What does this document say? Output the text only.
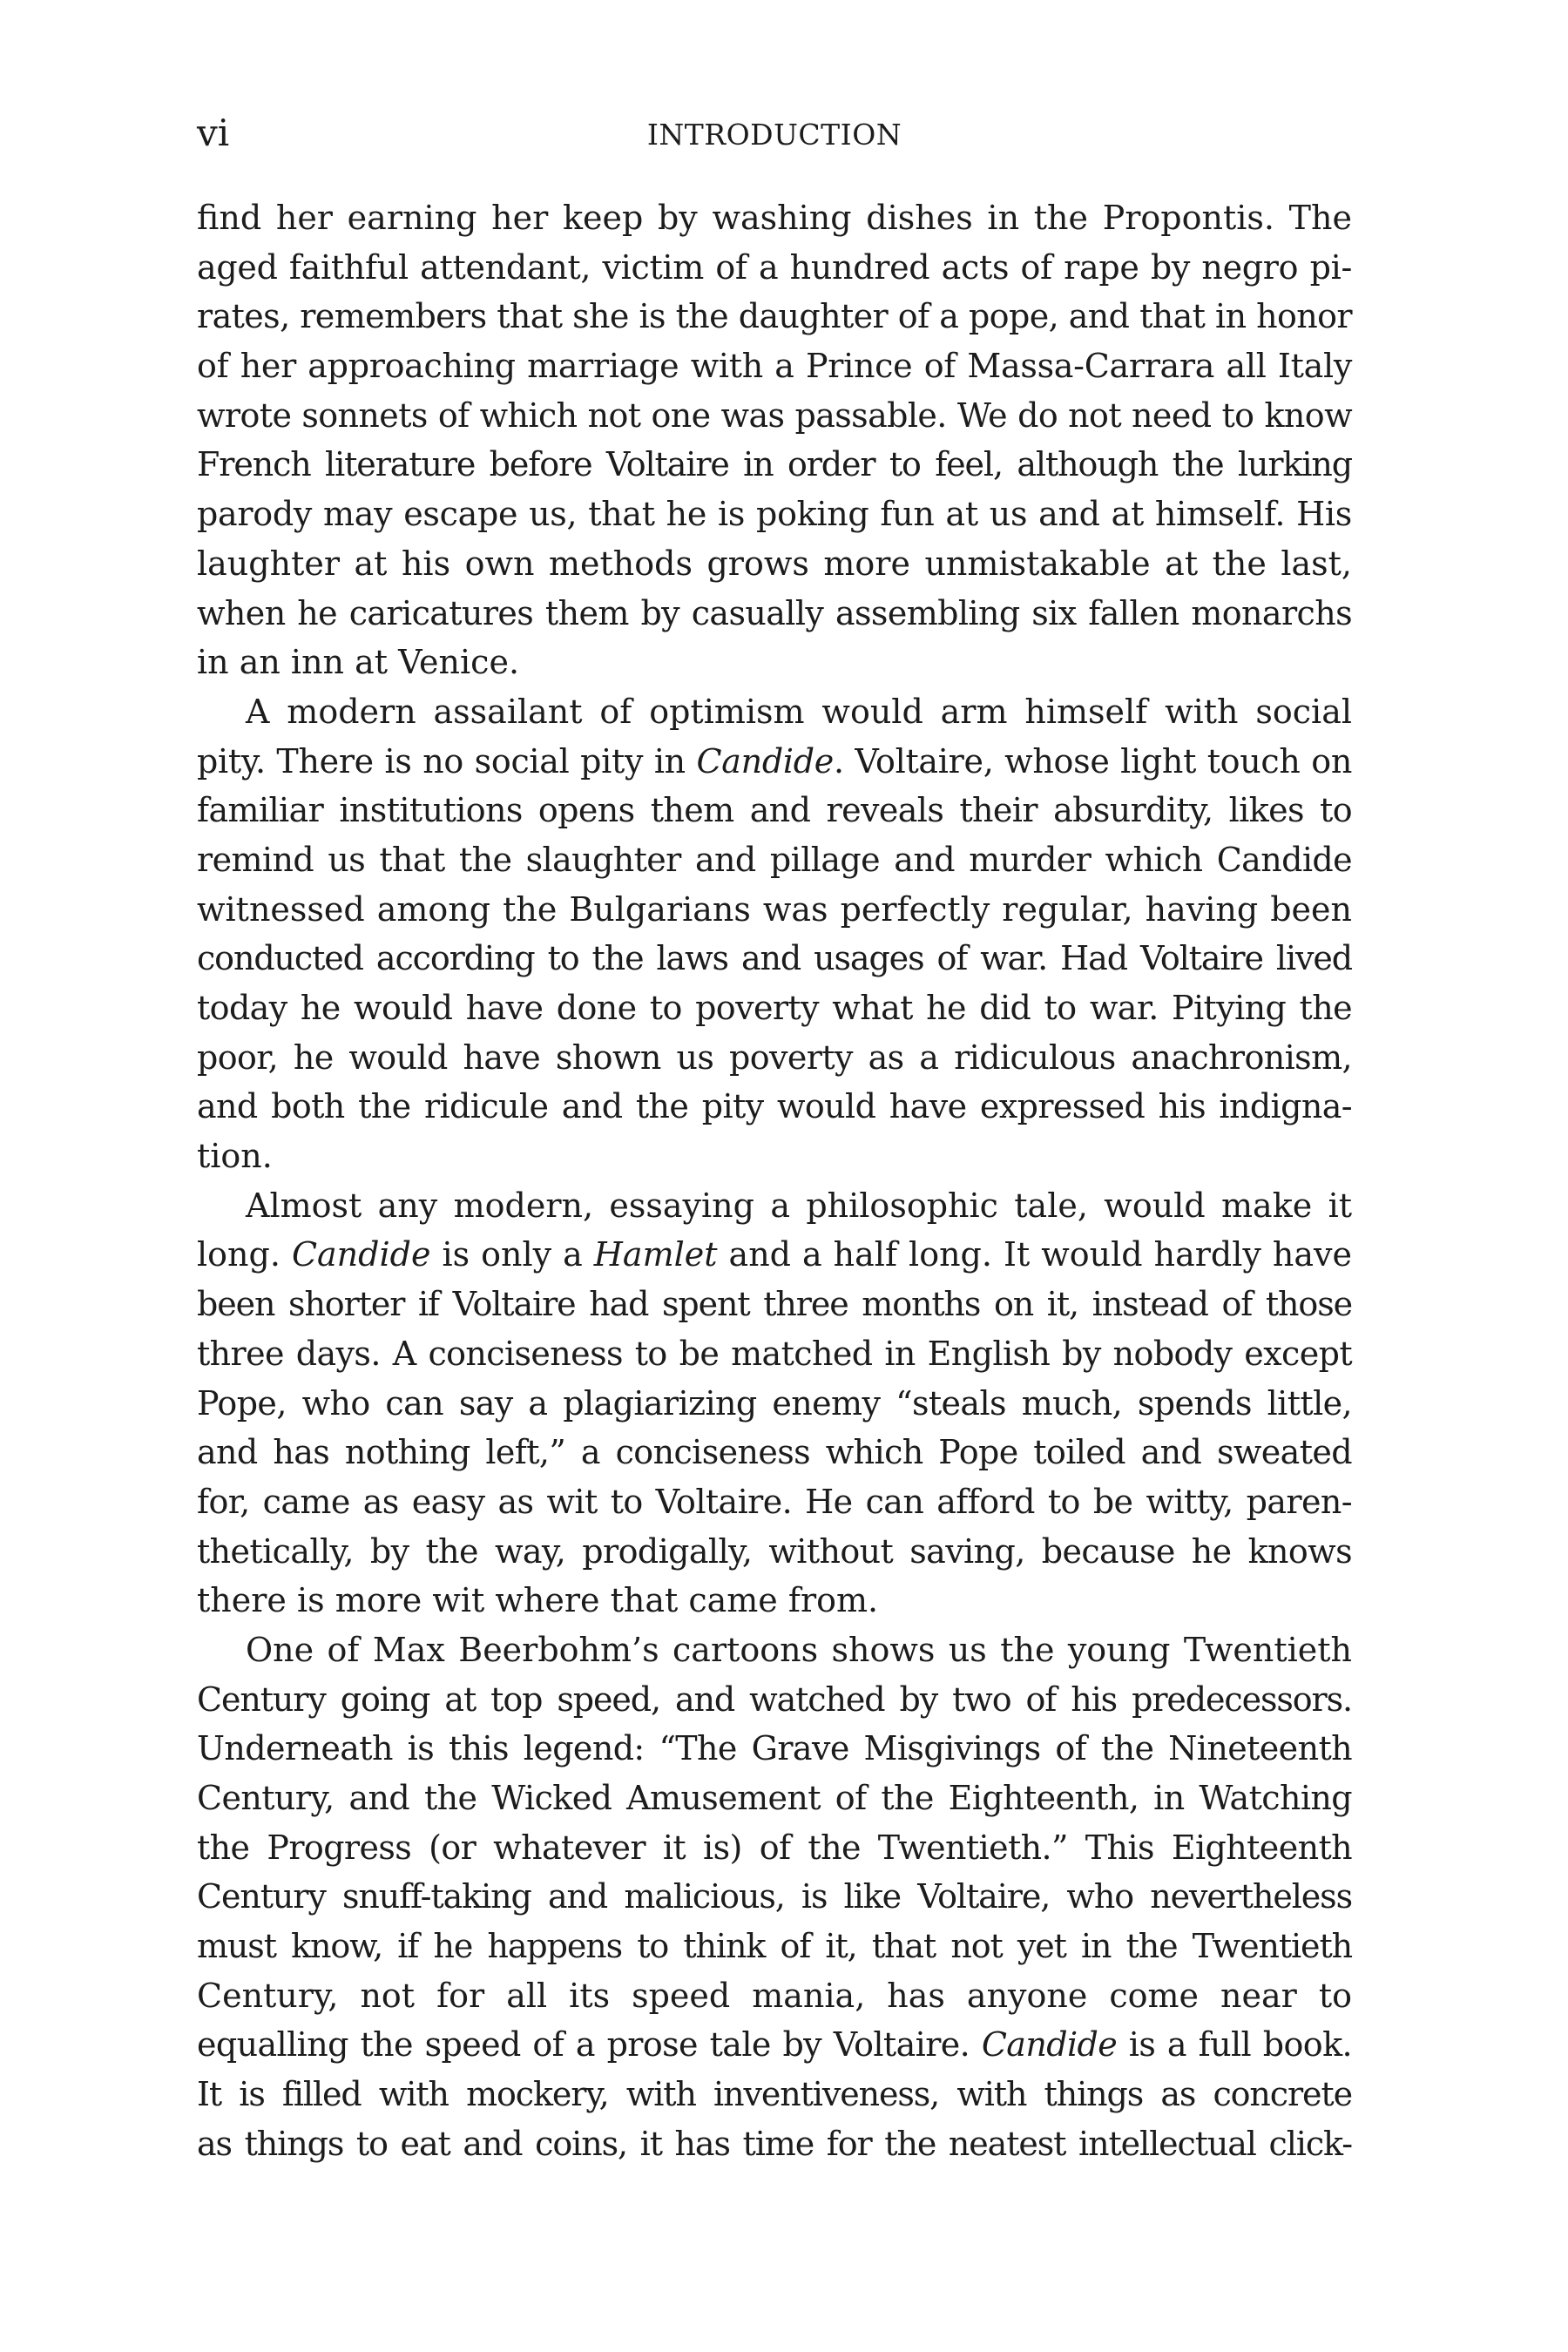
vi	INTRODUCTION
find her earning her keep by washing dishes in the Propontis. The
aged faithful attendant, victim of a hundred acts of rape by negro pi-
rates, remembers that she is the daughter of a pope, and that in honor
of her approaching marriage with a Prince of Massa-Carrara all Italy
wrote sonnets of which not one was passable. We do not need to know
French literature before Voltaire in order to feel, although the lurking
parody may escape us, that he is poking fun at us and at himself. His
laughter at his own methods grows more unmistakable at the last,
when he caricatures them by casually assembling six fallen monarchs
in an inn at Venice.
A modern assailant of optimism would arm himself with social
pity. There is no social pity in Candide. Voltaire, whose light touch on
familiar institutions opens them and reveals their absurdity, likes to
remind us that the slaughter and pillage and murder which Candide
witnessed among the Bulgarians was perfectly regular, having been
conducted according to the laws and usages of war. Had Voltaire lived
today he would have done to poverty what he did to war. Pitying the
poor, he would have shown us poverty as a ridiculous anachronism,
and both the ridicule and the pity would have expressed his indigna-
tion.
Almost any modern, essaying a philosophic tale, would make it
long. Candide is only a Hamlet and a half long. It would hardly have
been shorter if Voltaire had spent three months on it, instead of those
three days. A conciseness to be matched in English by nobody except
Pope, who can say a plagiarizing enemy “steals much, spends little,
and has nothing left,” a conciseness which Pope toiled and sweated
for, came as easy as wit to Voltaire. He can afford to be witty, paren-
thetically, by the way, prodigally, without saving, because he knows
there is more wit where that came from.
One of Max Beerbohm’s cartoons shows us the young Twentieth
Century going at top speed, and watched by two of his predecessors.
Underneath is this legend: “The Grave Misgivings of the Nineteenth
Century, and the Wicked Amusement of the Eighteenth, in Watching
the Progress (or whatever it is) of the Twentieth.” This Eighteenth
Century snuff-taking and malicious, is like Voltaire, who nevertheless
must know, if he happens to think of it, that not yet in the Twentieth
Century, not for all its speed mania, has anyone come near to
equalling the speed of a prose tale by Voltaire. Candide is a full book.
It is filled with mockery, with inventiveness, with things as concrete
as things to eat and coins, it has time for the neatest intellectual click-
